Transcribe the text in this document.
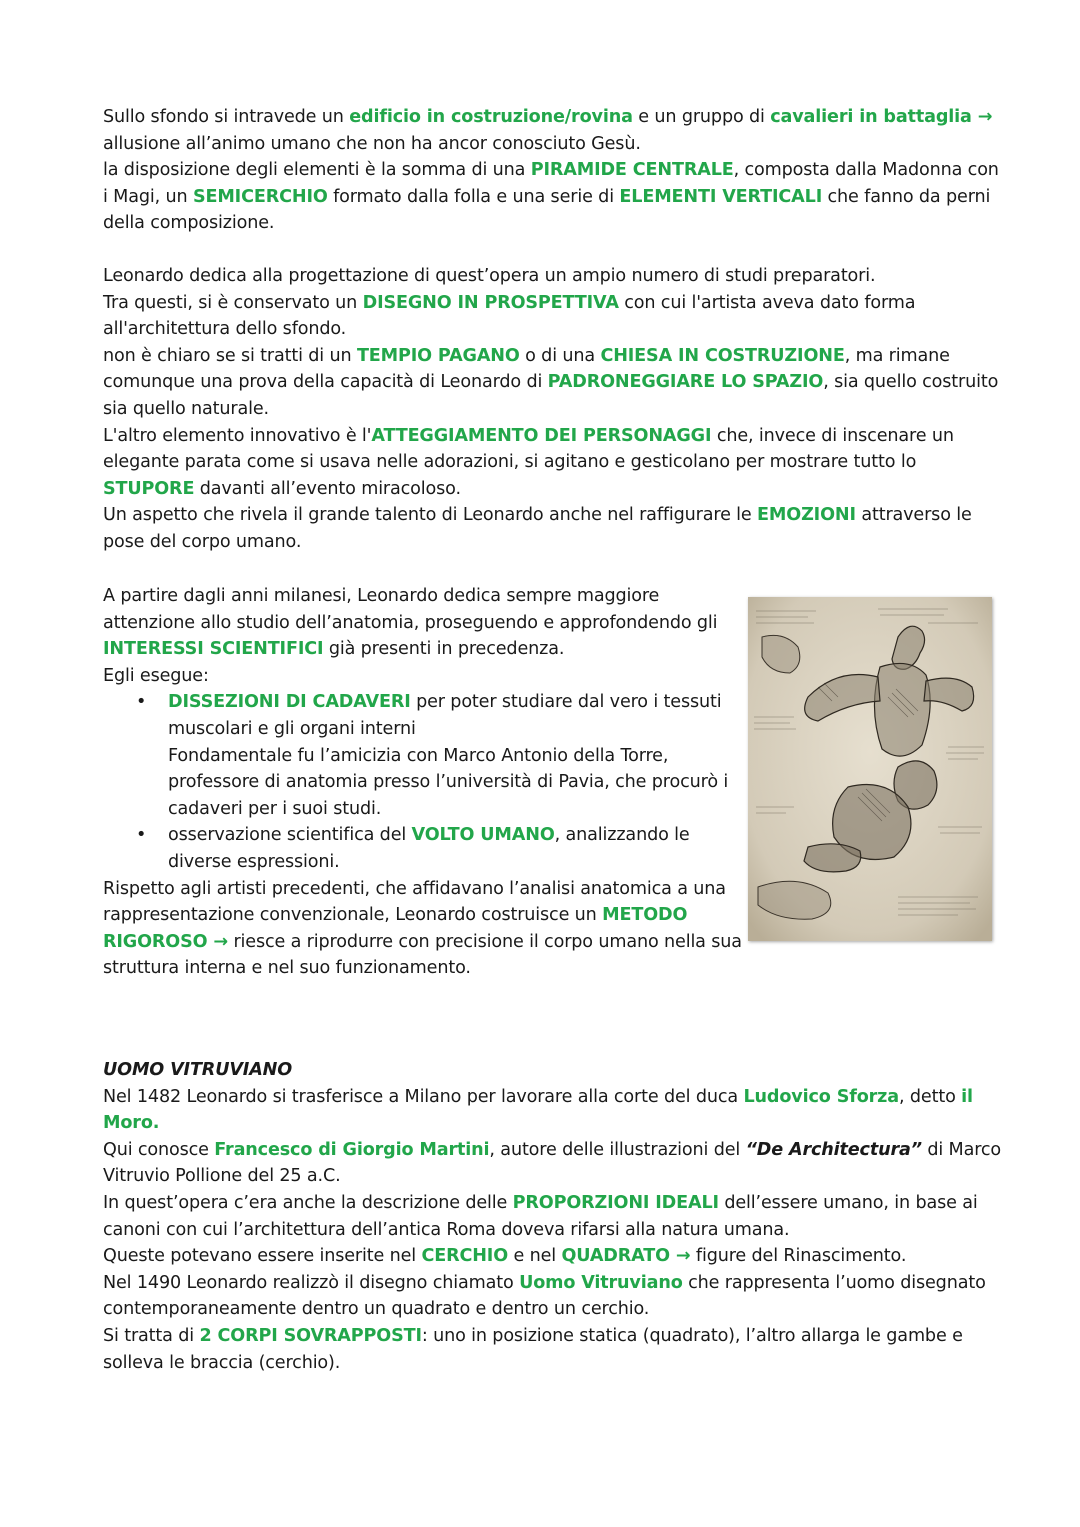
Sullo sfondo si intravede un edificio in costruzione/rovina e un gruppo di cavalieri in battaglia →
allusione all’animo umano che non ha ancor conosciuto Gesù.

la disposizione degli elementi è la somma di una PIRAMIDE CENTRALE, composta dalla Madonna con i Magi, un SEMICERCHIO formato dalla folla e una serie di ELEMENTI VERTICALI che fanno da perni della composizione.

Leonardo dedica alla progettazione di quest’opera un ampio numero di studi preparatori.

Tra questi, si è conservato un DISEGNO IN PROSPETTIVA con cui l'artista aveva dato forma all'architettura dello sfondo.

non è chiaro se si tratti di un TEMPIO PAGANO o di una CHIESA IN COSTRUZIONE, ma rimane comunque una prova della capacità di Leonardo di PADRONEGGIARE LO SPAZIO, sia quello costruito sia quello naturale.

L'altro elemento innovativo è l'ATTEGGIAMENTO DEI PERSONAGGI che, invece di inscenare un elegante parata come si usava nelle adorazioni, si agitano e gesticolano per mostrare tutto lo STUPORE davanti all’evento miracoloso.

Un aspetto che rivela il grande talento di Leonardo anche nel raffigurare le EMOZIONI attraverso le pose del corpo umano.

A partire dagli anni milanesi, Leonardo dedica sempre maggiore attenzione allo studio dell’anatomia, proseguendo e approfondendo gli INTERESSI SCIENTIFICI già presenti in precedenza.

Egli esegue:

• DISSEZIONI DI CADAVERI per poter studiare dal vero i tessuti muscolari e gli organi interni
Fondamentale fu l’amicizia con Marco Antonio della Torre, professore di anatomia presso l’università di Pavia, che procurò i cadaveri per i suoi studi.
• osservazione scientifica del VOLTO UMANO, analizzando le diverse espressioni.

Rispetto agli artisti precedenti, che affidavano l’analisi anatomica a una rappresentazione convenzionale, Leonardo costruisce un METODO RIGOROSO → riesce a riprodurre con precisione il corpo umano nella sua struttura interna e nel suo funzionamento.

UOMO VITRUVIANO

Nel 1482 Leonardo si trasferisce a Milano per lavorare alla corte del duca Ludovico Sforza, detto il Moro.

Qui conosce Francesco di Giorgio Martini, autore delle illustrazioni del “De Architectura” di Marco Vitruvio Pollione del 25 a.C.

In quest’opera c’era anche la descrizione delle PROPORZIONI IDEALI dell’essere umano, in base ai canoni con cui l’architettura dell’antica Roma doveva rifarsi alla natura umana.

Queste potevano essere inserite nel CERCHIO e nel QUADRATO → figure del Rinascimento.

Nel 1490 Leonardo realizzò il disegno chiamato Uomo Vitruviano che rappresenta l’uomo disegnato contemporaneamente dentro un quadrato e dentro un cerchio.

Si tratta di 2 CORPI SOVRAPPOSTI: uno in posizione statica (quadrato), l’altro allarga le gambe e solleva le braccia (cerchio).
